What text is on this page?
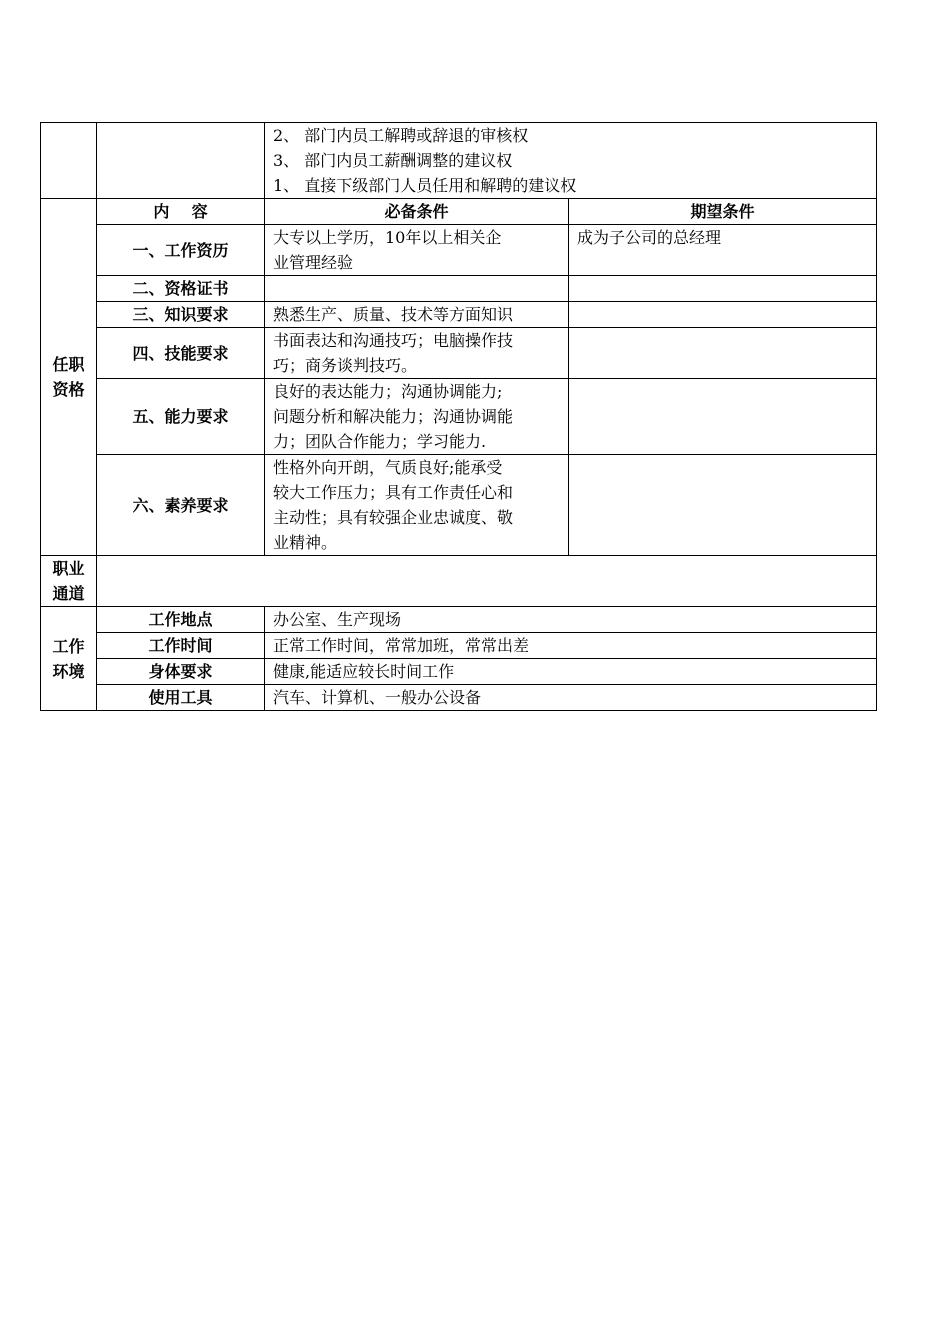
		2、 部门内员工解聘或辞退的审核权
3、 部门内员工薪酬调整的建议权
1、 直接下级部门人员任用和解聘的建议权	

任职
资格	内    容	必备条件	期望条件
	一、工作资历	大专以上学历，10年以上相关企
业管理经验	成为子公司的总经理
	二、资格证书		
	三、知识要求	熟悉生产、质量、技术等方面知识	
	四、技能要求	书面表达和沟通技巧；电脑操作技
巧；商务谈判技巧。	

	五、能力要求	良好的表达能力；沟通协调能力;
问题分析和解决能力；沟通协调能
力；团队合作能力；学习能力.	

	六、素养要求	性格外向开朗，气质良好;能承受
较大工作压力；具有工作责任心和
主动性；具有较强企业忠诚度、敬
业精神。	

职业
通道			

工作
环境	工作地点	办公室、生产现场	
	工作时间	正常工作时间，常常加班，常常出差	
	身体要求	健康,能适应较长时间工作	
	使用工具	汽车、计算机、一般办公设备	
